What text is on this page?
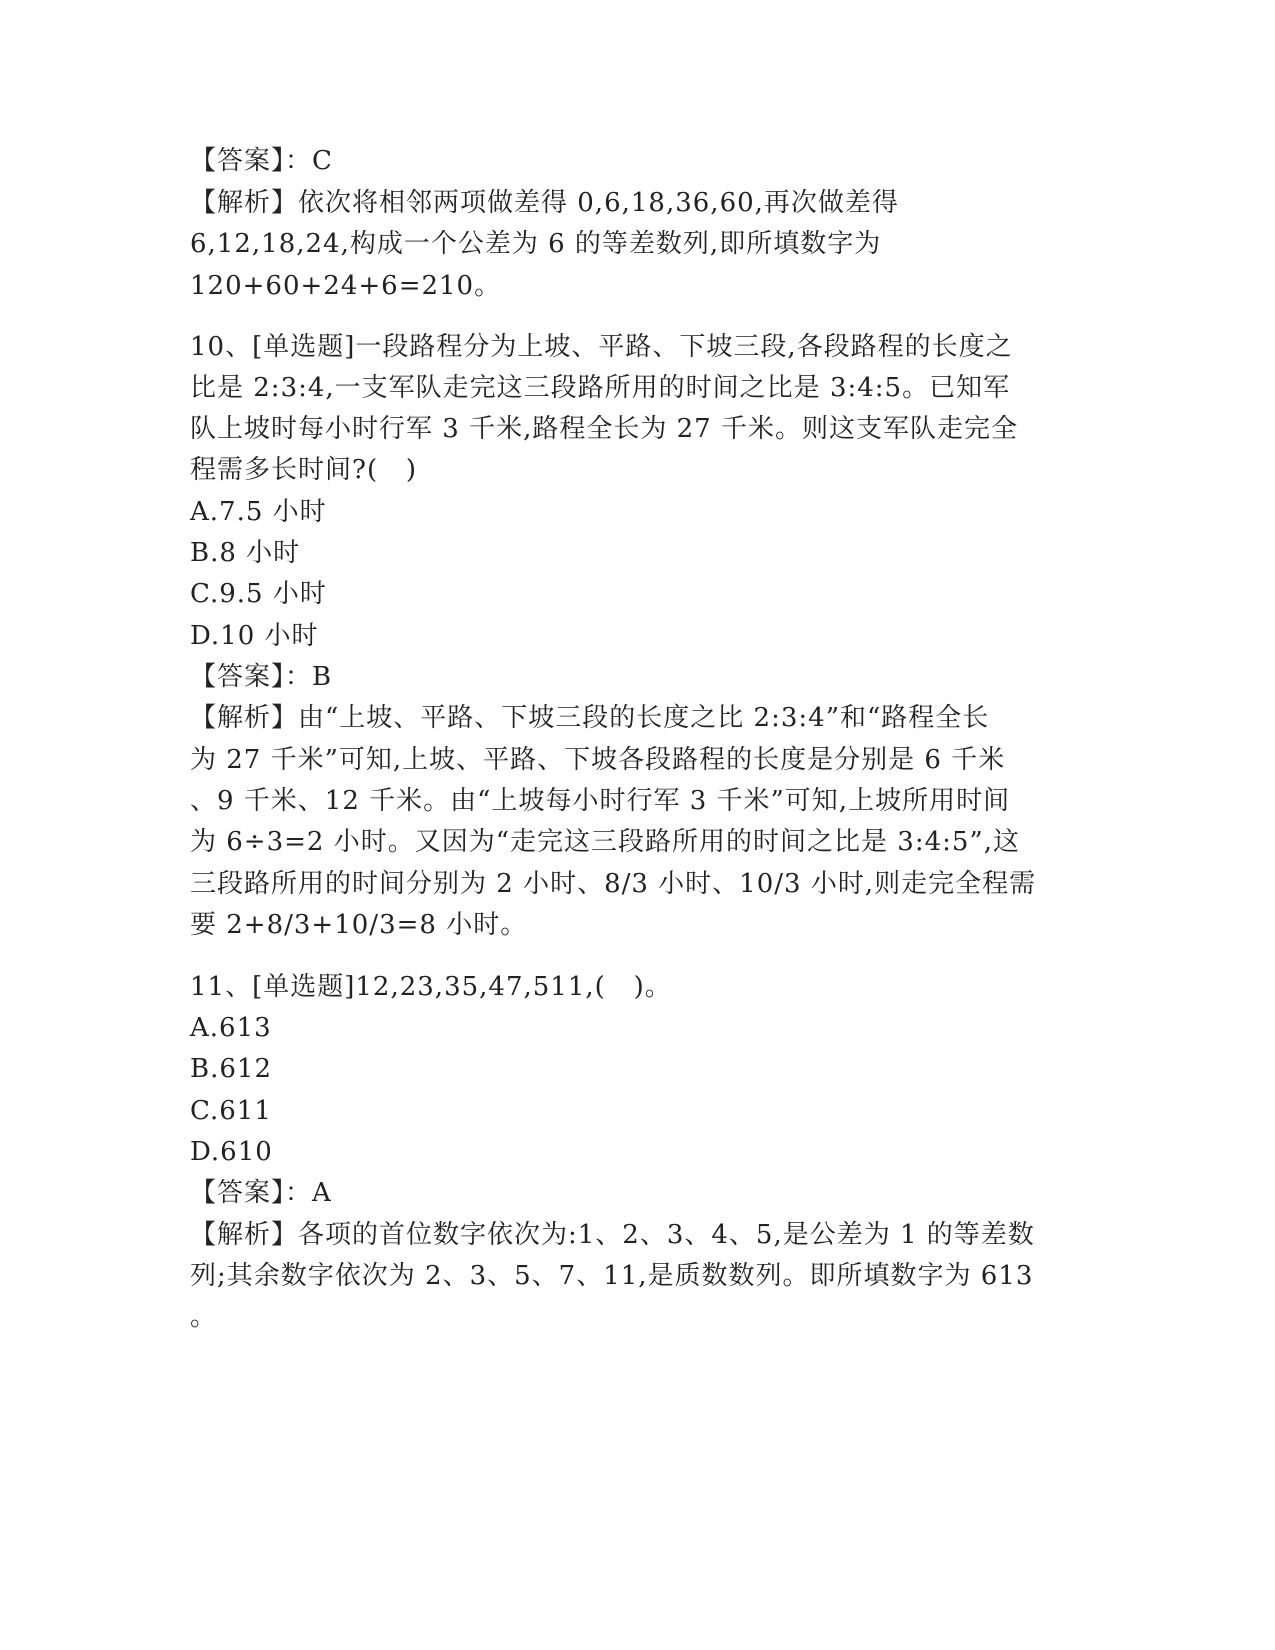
【答案】：C
【解析】依次将相邻两项做差得 0,6,18,36,60,再次做差得
6,12,18,24,构成一个公差为 6 的等差数列,即所填数字为
120+60+24+6=210。
10、[单选题]一段路程分为上坡、平路、下坡三段,各段路程的长度之
比是 2:3:4,一支军队走完这三段路所用的时间之比是 3:4:5。已知军
队上坡时每小时行军 3 千米,路程全长为 27 千米。则这支军队走完全
程需多长时间?(   )
A.7.5 小时
B.8 小时
C.9.5 小时
D.10 小时
【答案】：B
【解析】由“上坡、平路、下坡三段的长度之比 2:3:4”和“路程全长
为 27 千米”可知,上坡、平路、下坡各段路程的长度是分别是 6 千米
、9 千米、12 千米。由“上坡每小时行军 3 千米”可知,上坡所用时间
为 6÷3=2 小时。又因为“走完这三段路所用的时间之比是 3:4:5”,这
三段路所用的时间分别为 2 小时、8/3 小时、10/3 小时,则走完全程需
要 2+8/3+10/3=8 小时。
11、[单选题]12,23,35,47,511,(   )。
A.613
B.612
C.611
D.610
【答案】：A
【解析】各项的首位数字依次为:1、2、3、4、5,是公差为 1 的等差数
列;其余数字依次为 2、3、5、7、11,是质数数列。即所填数字为 613
。
